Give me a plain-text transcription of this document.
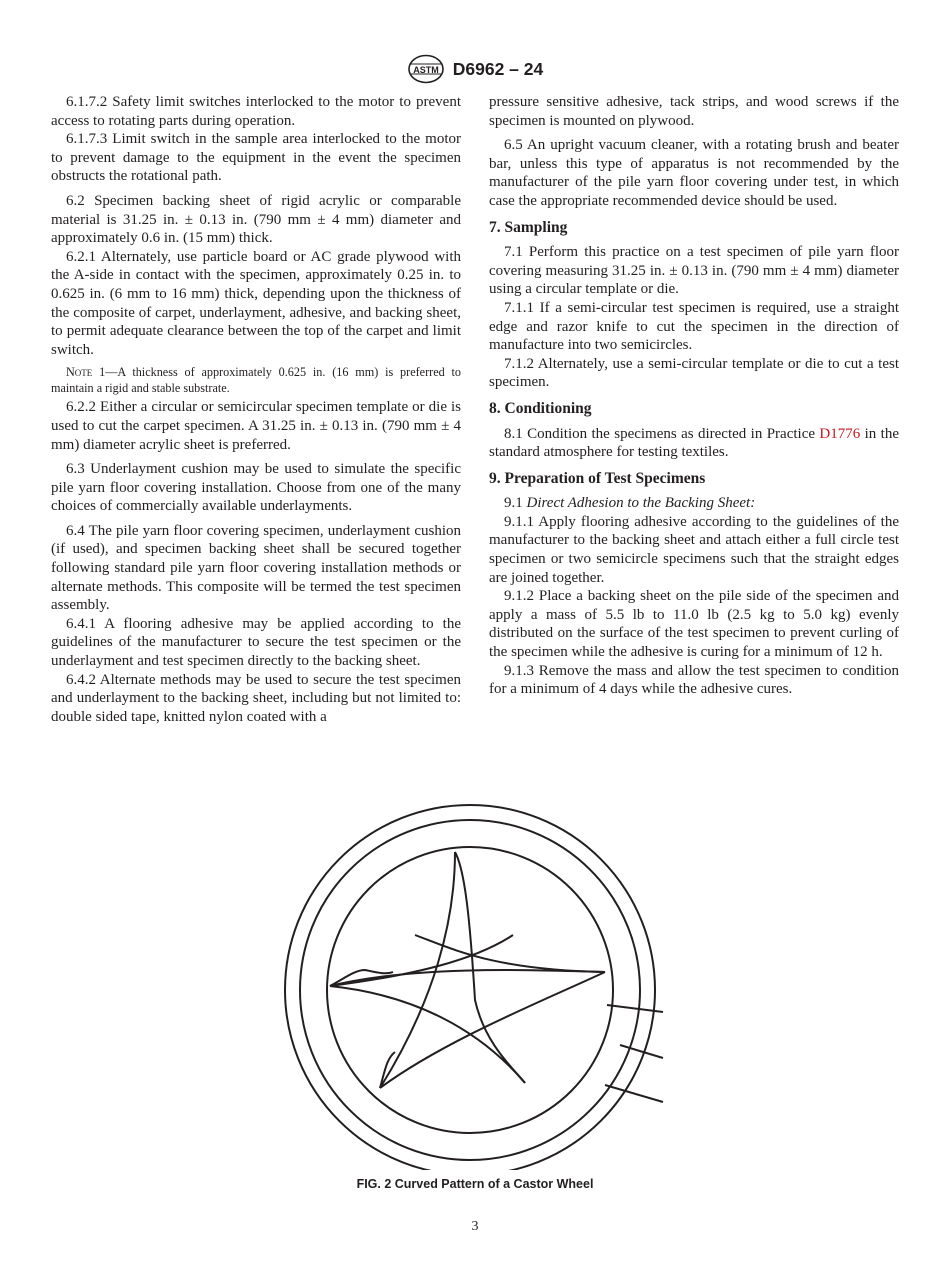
ASTM D6962 – 24

6.1.7.2 Safety limit switches interlocked to the motor to prevent access to rotating parts during operation.

6.1.7.3 Limit switch in the sample area interlocked to the motor to prevent damage to the equipment in the event the specimen obstructs the rotational path.

6.2 Specimen backing sheet of rigid acrylic or comparable material is 31.25 in. ± 0.13 in. (790 mm ± 4 mm) diameter and approximately 0.6 in. (15 mm) thick.

6.2.1 Alternately, use particle board or AC grade plywood with the A-side in contact with the specimen, approximately 0.25 in. to 0.625 in. (6 mm to 16 mm) thick, depending upon the thickness of the composite of carpet, underlayment, adhesive, and backing sheet, to permit adequate clearance between the top of the carpet and limit switch.

Note 1—A thickness of approximately 0.625 in. (16 mm) is preferred to maintain a rigid and stable substrate.

6.2.2 Either a circular or semicircular specimen template or die is used to cut the carpet specimen. A 31.25 in. ± 0.13 in. (790 mm ± 4 mm) diameter acrylic sheet is preferred.

6.3 Underlayment cushion may be used to simulate the specific pile yarn floor covering installation. Choose from one of the many choices of commercially available underlayments.

6.4 The pile yarn floor covering specimen, underlayment cushion (if used), and specimen backing sheet shall be secured together following standard pile yarn floor covering installation methods or alternate methods. This composite will be termed the test specimen assembly.

6.4.1 A flooring adhesive may be applied according to the guidelines of the manufacturer to secure the test specimen or the underlayment and test specimen directly to the backing sheet.

6.4.2 Alternate methods may be used to secure the test specimen and underlayment to the backing sheet, including but not limited to: double sided tape, knitted nylon coated with a

pressure sensitive adhesive, tack strips, and wood screws if the specimen is mounted on plywood.

6.5 An upright vacuum cleaner, with a rotating brush and beater bar, unless this type of apparatus is not recommended by the manufacturer of the pile yarn floor covering under test, in which case the appropriate recommended device should be used.

7. Sampling

7.1 Perform this practice on a test specimen of pile yarn floor covering measuring 31.25 in. ± 0.13 in. (790 mm ± 4 mm) diameter using a circular template or die.

7.1.1 If a semi-circular test specimen is required, use a straight edge and razor knife to cut the specimen in the direction of manufacture into two semicircles.

7.1.2 Alternately, use a semi-circular template or die to cut a test specimen.

8. Conditioning

8.1 Condition the specimens as directed in Practice D1776 in the standard atmosphere for testing textiles.

9. Preparation of Test Specimens

9.1 Direct Adhesion to the Backing Sheet:

9.1.1 Apply flooring adhesive according to the guidelines of the manufacturer to the backing sheet and attach either a full circle test specimen or two semicircle specimens such that the straight edges are joined together.

9.1.2 Place a backing sheet on the pile side of the specimen and apply a mass of 5.5 lb to 11.0 lb (2.5 kg to 5.0 kg) evenly distributed on the surface of the test specimen to prevent curling of the specimen while the adhesive is curing for a minimum of 12 h.

9.1.3 Remove the mass and allow the test specimen to condition for a minimum of 4 days while the adhesive cures.

FIG. 2 Curved Pattern of a Castor Wheel
3
